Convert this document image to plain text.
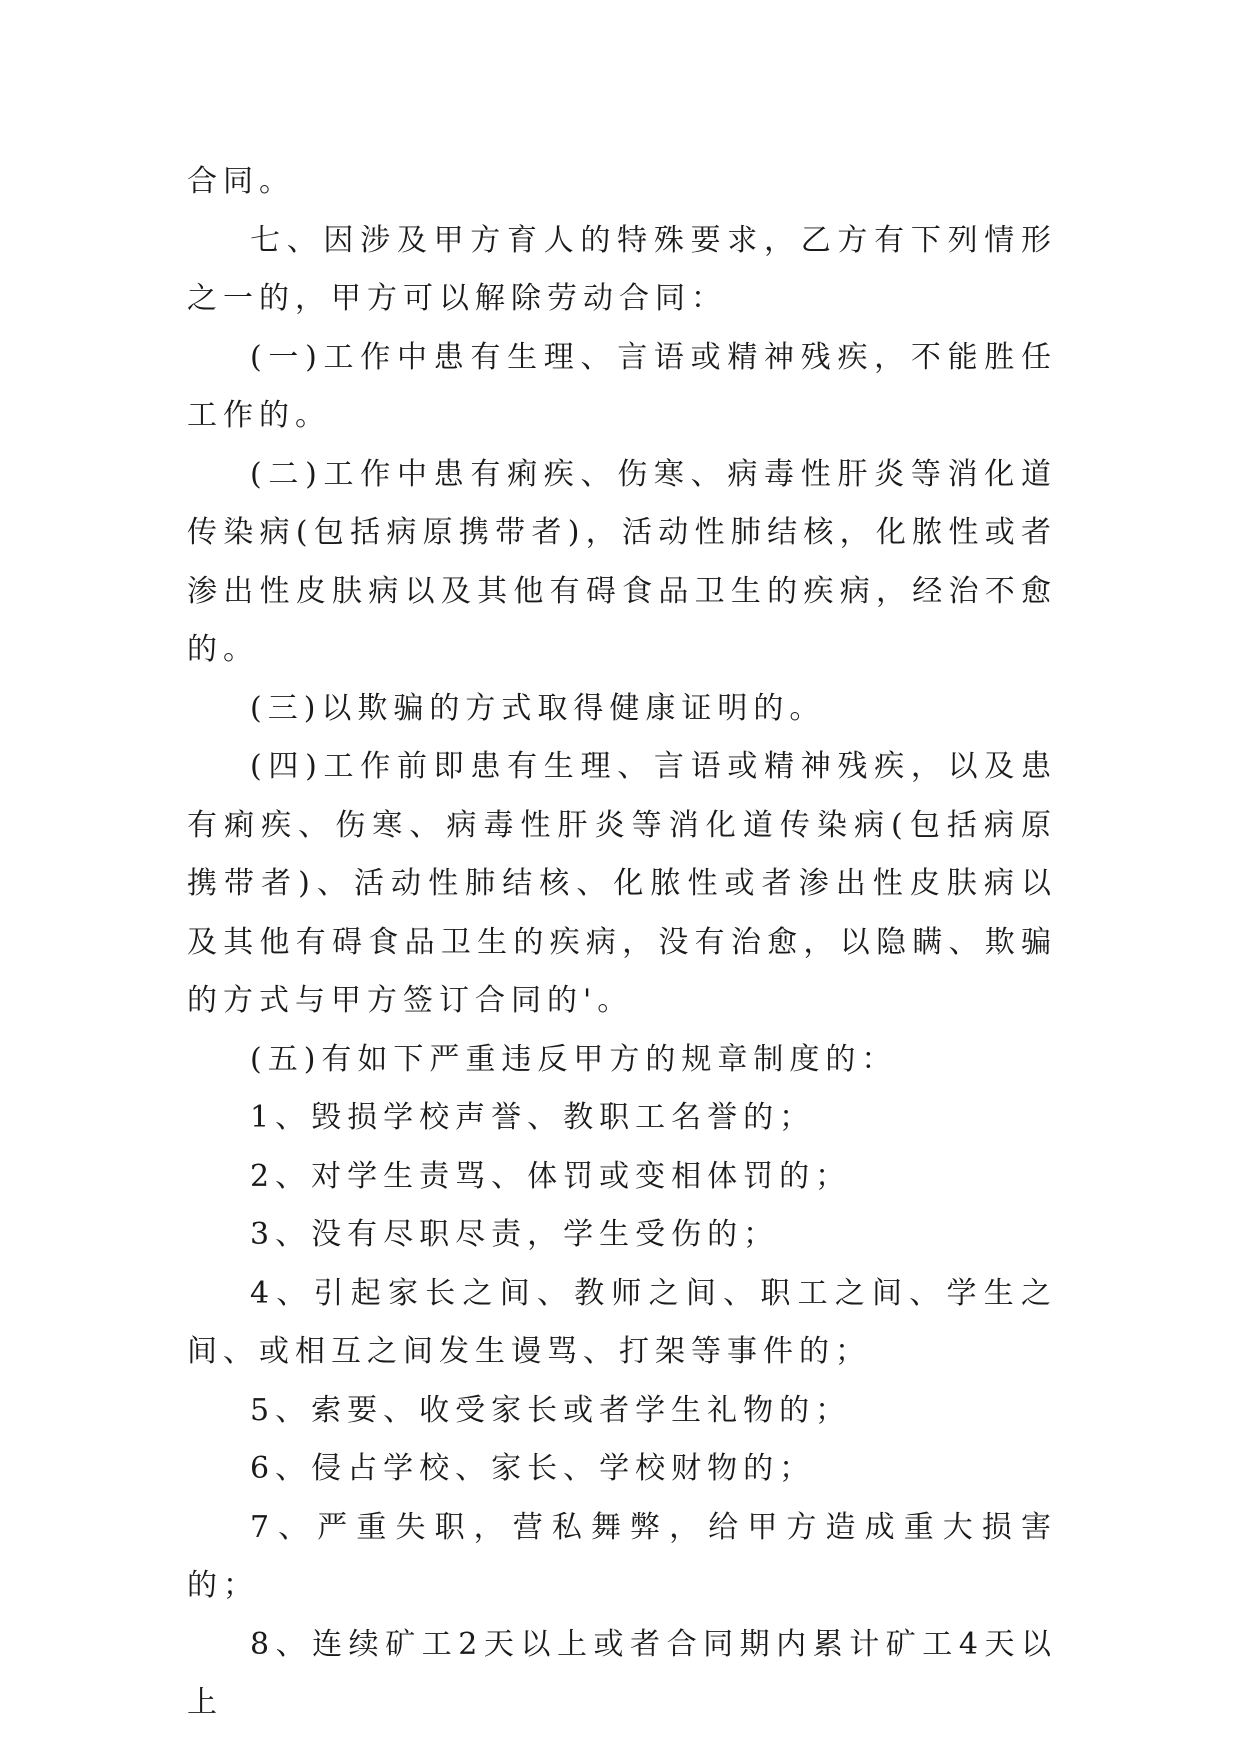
合同。

七、因涉及甲方育人的特殊要求，乙方有下列情形之一的，甲方可以解除劳动合同：

(一)工作中患有生理、言语或精神残疾，不能胜任工作的。

(二)工作中患有痢疾、伤寒、病毒性肝炎等消化道传染病(包括病原携带者)，活动性肺结核，化脓性或者渗出性皮肤病以及其他有碍食品卫生的疾病，经治不愈的。

(三)以欺骗的方式取得健康证明的。

(四)工作前即患有生理、言语或精神残疾，以及患有痢疾、伤寒、病毒性肝炎等消化道传染病(包括病原携带者)、活动性肺结核、化脓性或者渗出性皮肤病以及其他有碍食品卫生的疾病，没有治愈，以隐瞒、欺骗的方式与甲方签订合同的'。

(五)有如下严重违反甲方的规章制度的：

1、毁损学校声誉、教职工名誉的；

2、对学生责骂、体罚或变相体罚的；

3、没有尽职尽责，学生受伤的；

4、引起家长之间、教师之间、职工之间、学生之间、或相互之间发生谩骂、打架等事件的；

5、索要、收受家长或者学生礼物的；

6、侵占学校、家长、学校财物的；

7、严重失职，营私舞弊，给甲方造成重大损害的；

8、连续矿工2天以上或者合同期内累计矿工4天以上
